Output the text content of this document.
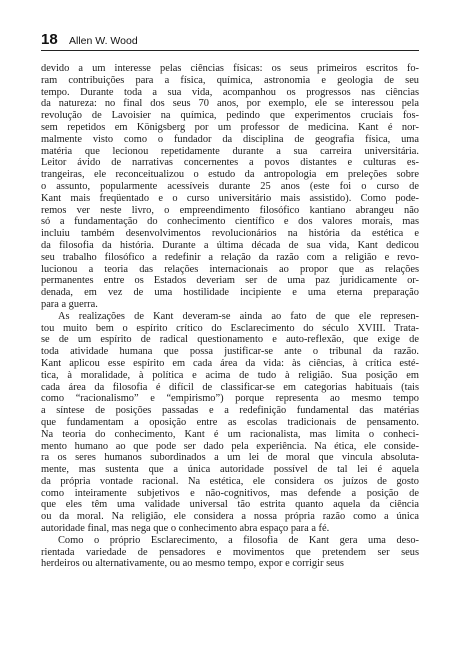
18 Allen W. Wood

devido a um interesse pelas ciências físicas: os seus primeiros escritos fo-
ram contribuições para a física, química, astronomia e geologia de seu
tempo. Durante toda a sua vida, acompanhou os progressos nas ciências
da natureza: no final dos seus 70 anos, por exemplo, ele se interessou pela
revolução de Lavoisier na química, pedindo que experimentos cruciais fos-
sem repetidos em Königsberg por um professor de medicina. Kant é nor-
malmente visto como o fundador da disciplina de geografia física, uma
matéria que lecionou repetidamente durante a sua carreira universitária.
Leitor ávido de narrativas concernentes a povos distantes e culturas es-
trangeiras, ele reconceitualizou o estudo da antropologia em preleções sobre
o assunto, popularmente acessíveis durante 25 anos (este foi o curso de
Kant mais freqüentado e o curso universitário mais assistido). Como pode-
remos ver neste livro, o empreendimento filosófico kantiano abrangeu não
só a fundamentação do conhecimento científico e dos valores morais, mas
incluiu também desenvolvimentos revolucionários na história da estética e
da filosofia da história. Durante a última década de sua vida, Kant dedicou
seu trabalho filosófico a redefinir a relação da razão com a religião e revo-
lucionou a teoria das relações internacionais ao propor que as relações
permanentes entre os Estados deveriam ser de uma paz juridicamente or-
denada, em vez de uma hostilidade incipiente e uma eterna preparação
para a guerra.

As realizações de Kant deveram-se ainda ao fato de que ele represen-
tou muito bem o espírito crítico do Esclarecimento do século XVIII. Trata-
se de um espírito de radical questionamento e auto-reflexão, que exige de
toda atividade humana que possa justificar-se ante o tribunal da razão.
Kant aplicou esse espírito em cada área da vida: às ciências, à crítica esté-
tica, à moralidade, à política e acima de tudo à religião. Sua posição em
cada área da filosofia é difícil de classificar-se em categorias habituais (tais
como “racionalismo” e “empirismo”) porque representa ao mesmo tempo
a síntese de posições passadas e a redefinição fundamental das matérias
que fundamentam a oposição entre as escolas tradicionais de pensamento.
Na teoria do conhecimento, Kant é um racionalista, mas limita o conheci-
mento humano ao que pode ser dado pela experiência. Na ética, ele conside-
ra os seres humanos subordinados a um lei de moral que vincula absoluta-
mente, mas sustenta que a única autoridade possível de tal lei é aquela
da própria vontade racional. Na estética, ele considera os juízos de gosto
como inteiramente subjetivos e não-cognitivos, mas defende a posição de
que eles têm uma validade universal tão estrita quanto aquela da ciência
ou da moral. Na religião, ele considera a nossa própria razão como a única
autoridade final, mas nega que o conhecimento abra espaço para a fé.

Como o próprio Esclarecimento, a filosofia de Kant gera uma deso-
rientada variedade de pensadores e movimentos que pretendem ser seus
herdeiros ou alternativamente, ou ao mesmo tempo, expor e corrigir seus
